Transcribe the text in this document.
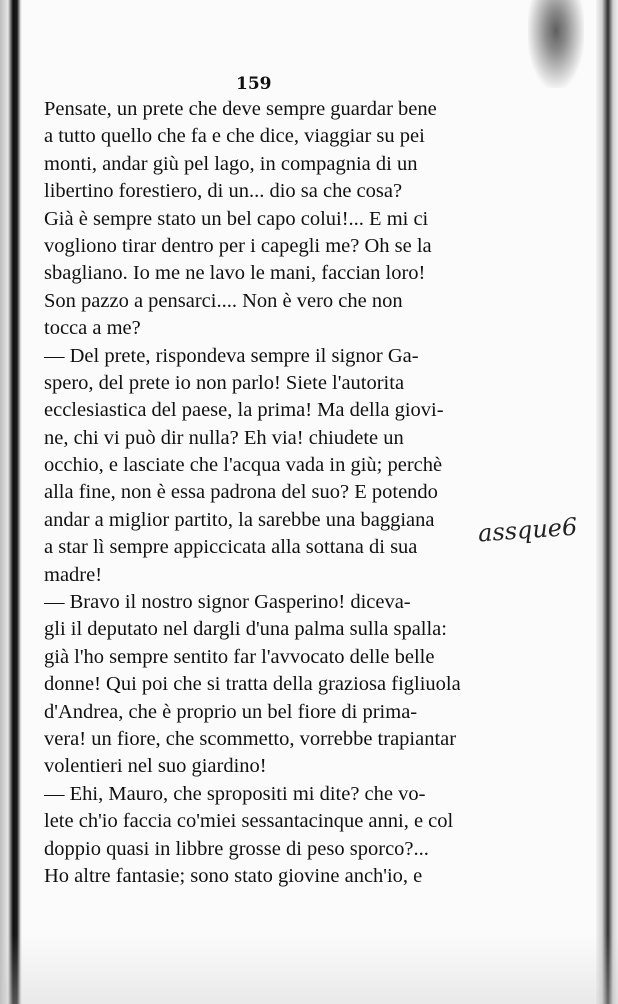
159
Pensate, un prete che deve sempre guardar bene
a tutto quello che fa e che dice, viaggiar su pei
monti, andar giù pel lago, in compagnia di un
libertino forestiero, di un... dio sa che cosa?
Già è sempre stato un bel capo colui!... E mi ci
vogliono tirar dentro per i capegli me? Oh se la
sbagliano. Io me ne lavo le mani, faccian loro!
Son pazzo a pensarci.... Non è vero che non
tocca a me?
— Del prete, rispondeva sempre il signor Ga-
spero, del prete io non parlo! Siete l'autorita
ecclesiastica del paese, la prima! Ma della giovi-
ne, chi vi può dir nulla? Eh via! chiudete un
occhio, e lasciate che l'acqua vada in giù; perchè
alla fine, non è essa padrona del suo? E potendo
andar a miglior partito, la sarebbe una baggiana
a star lì sempre appiccicata alla sottana di sua
madre!
— Bravo il nostro signor Gasperino! diceva-
gli il deputato nel dargli d'una palma sulla spalla:
già l'ho sempre sentito far l'avvocato delle belle
donne! Qui poi che si tratta della graziosa figliuola
d'Andrea, che è proprio un bel fiore di prima-
vera! un fiore, che scommetto, vorrebbe trapiantar
volentieri nel suo giardino!
— Ehi, Mauro, che spropositi mi dite? che vo-
lete ch'io faccia co'miei sessantacinque anni, e col
doppio quasi in libbre grosse di peso sporco?...
Ho altre fantasie; sono stato giovine anch'io, e
assque6
